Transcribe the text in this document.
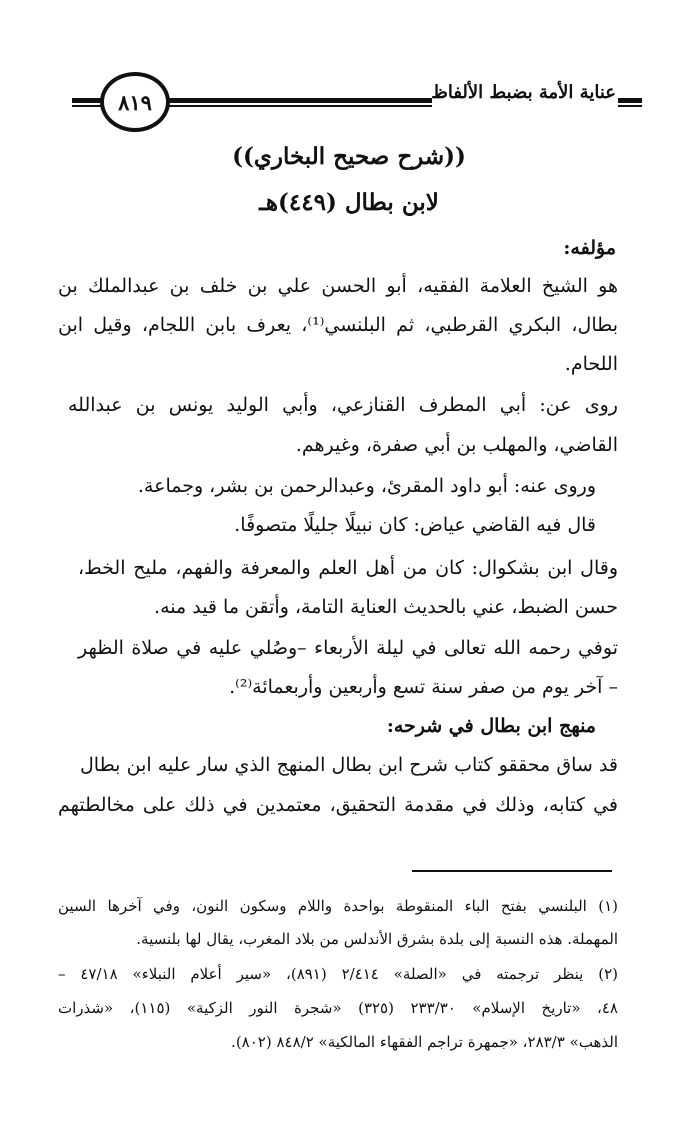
٨١٩	عناية الأمة بضبط الألفاظ
((شرح صحيح البخاري))
لابن بطال (٤٤٩)هـ
مؤلفه:
هو الشيخ العلامة الفقيه، أبو الحسن علي بن خلف بن عبدالملك بن
بطال، البكري القرطبي، ثم البلنسي⁽¹⁾، يعرف بابن اللجام، وقيل ابن
اللحام.
روى عن: أبي المطرف القنازعي، وأبي الوليد يونس بن عبدالله
القاضي، والمهلب بن أبي صفرة، وغيرهم.
وروى عنه: أبو داود المقرئ، وعبدالرحمن بن بشر، وجماعة.
قال فيه القاضي عياض: كان نبيلًا جليلًا متصوفًا.
وقال ابن بشكوال: كان من أهل العلم والمعرفة والفهم، مليح الخط،
حسن الضبط، عني بالحديث العناية التامة، وأتقن ما قيد منه.
توفي رحمه الله تعالى في ليلة الأربعاء –وصُلي عليه في صلاة الظهر
– آخر يوم من صفر سنة تسع وأربعين وأربعمائة⁽²⁾.
منهج ابن بطال في شرحه:
قد ساق محققو كتاب شرح ابن بطال المنهج الذي سار عليه ابن بطال
في كتابه، وذلك في مقدمة التحقيق، معتمدين في ذلك على مخالطتهم
(١) البلنسي بفتح الباء المنقوطة بواحدة واللام وسكون النون، وفي آخرها السين
المهملة. هذه النسبة إلى بلدة بشرق الأندلس من بلاد المغرب، يقال لها بلنسية.
(٢) ينظر ترجمته في «الصلة» ٢/٤١٤ (٨٩١)، «سير أعلام النبلاء» ٤٧/١٨ –
٤٨، «تاريخ الإسلام» ٢٣٣/٣٠ (٣٢٥) «شجرة النور الزكية» (١١٥)، «شذرات
الذهب» ٢٨٣/٣، «جمهرة تراجم الفقهاء المالكية» ٨٤٨/٢ (٨٠٢).
